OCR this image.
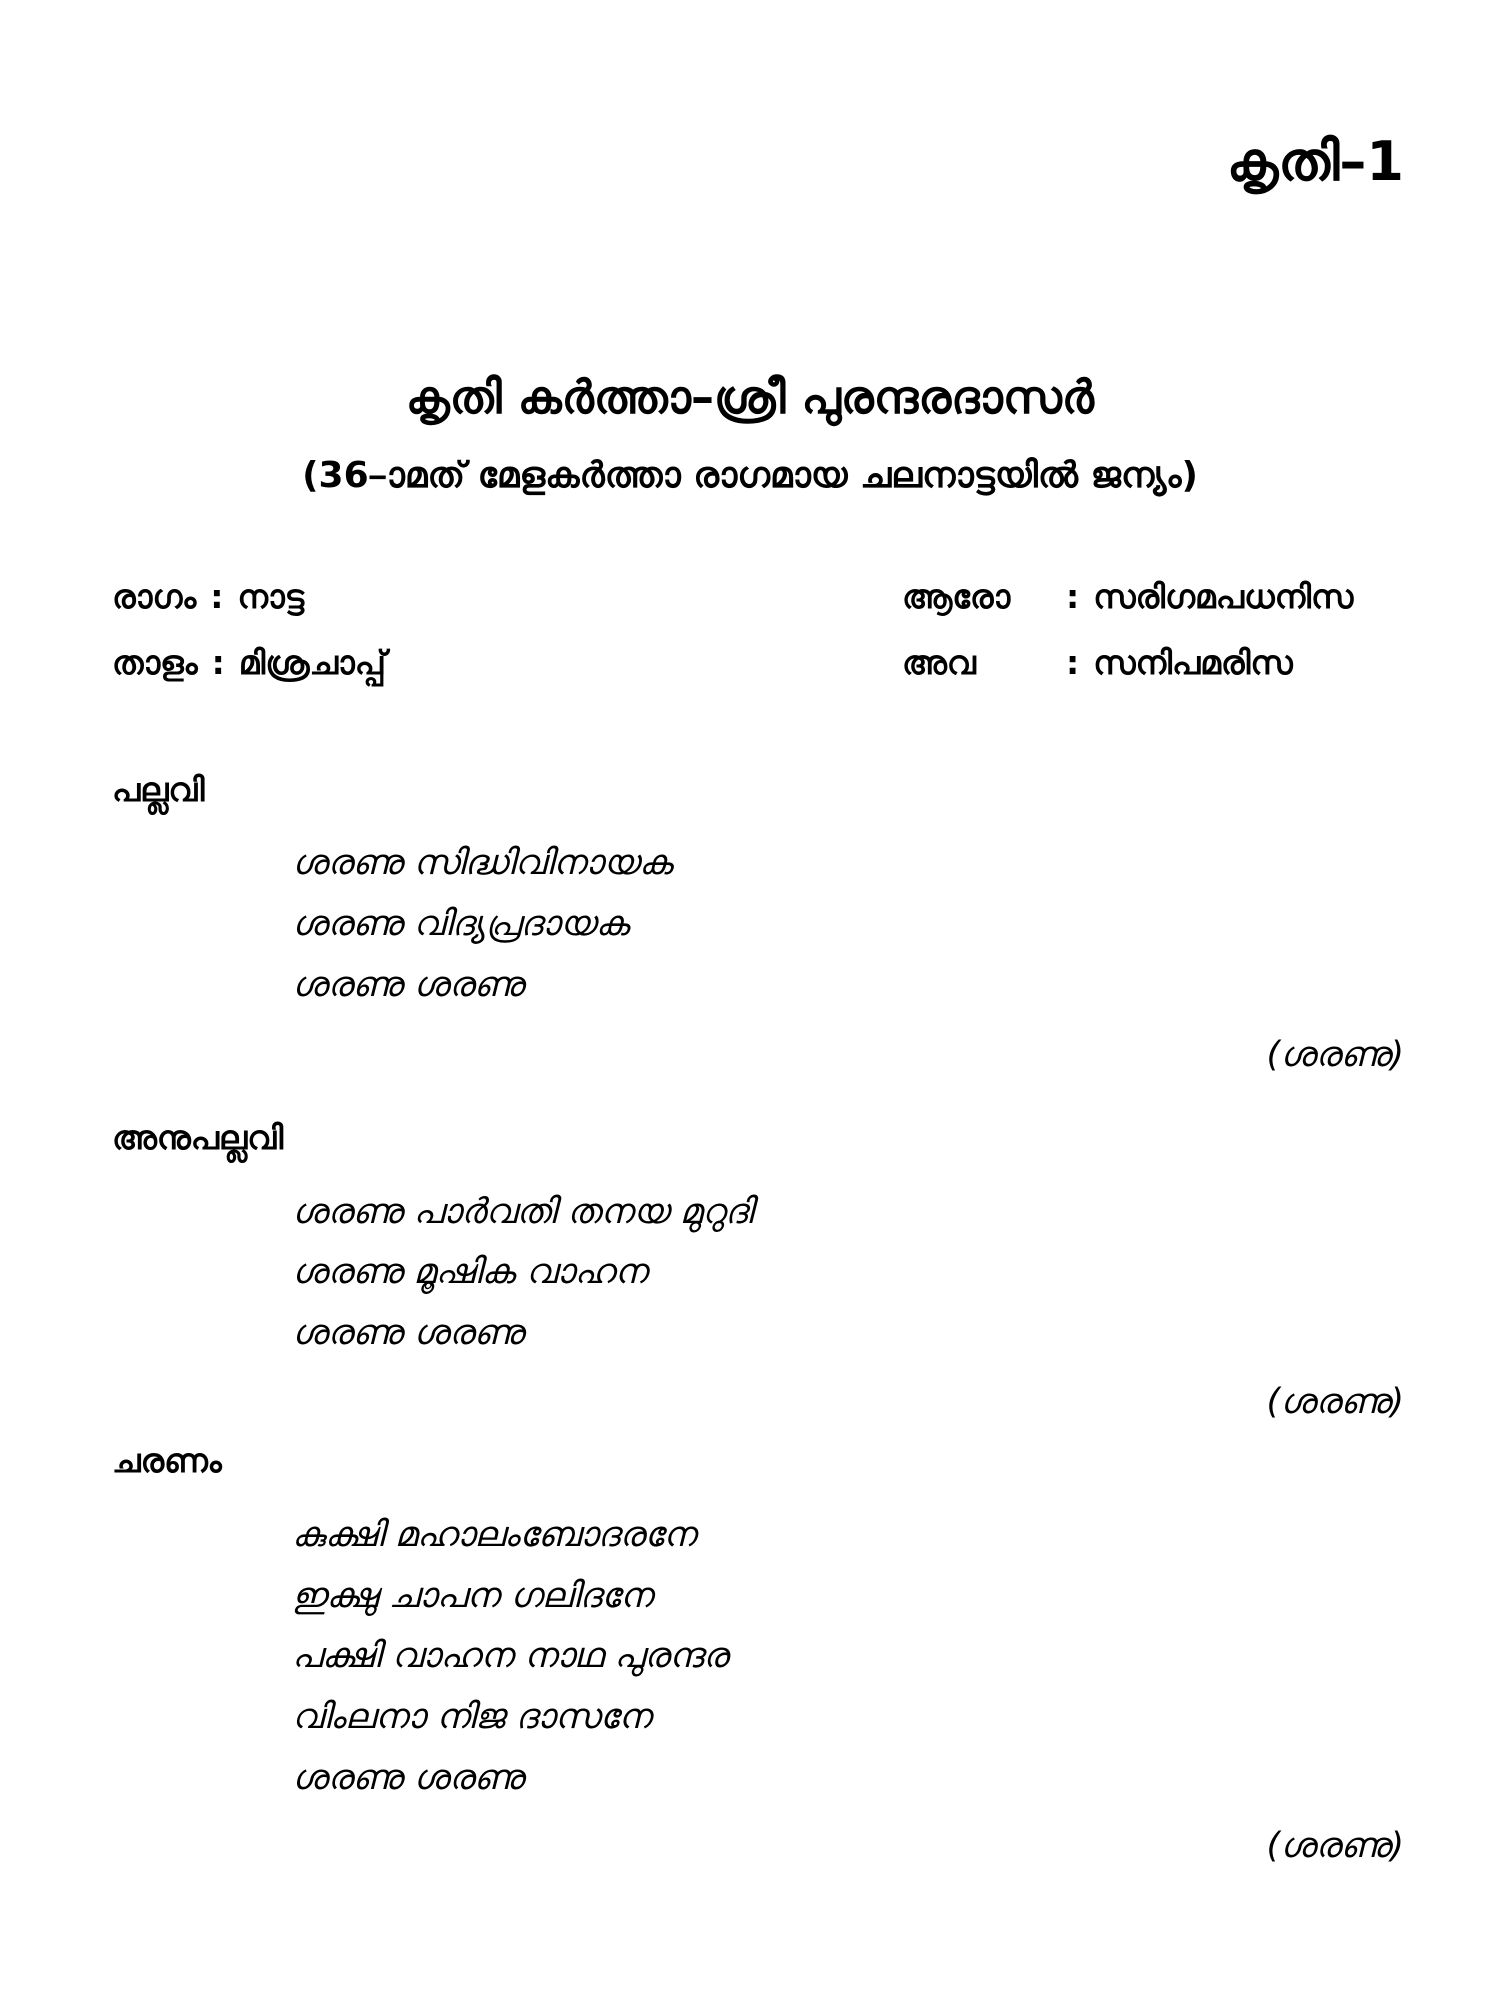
കൃതി–1
കൃതി കർത്താ–ശ്രീ പുരന്ദരദാസർ
(36–ാമത് മേളകർത്താ രാഗമായ ചലനാട്ടയിൽ ജന്യം)
രാഗം : നാട്ട
താളം : മിശ്രചാപ്പ്
ആരോ : സരിഗമപധനിസ
അവ	: സനിപമരിസ
പല്ലവി
ശരണു സിദ്ധിവിനായക
ശരണു വിദ്യപ്രദായക
ശരണു ശരണു
(ശരണു)
അനുപല്ലവി
ശരണു പാർവതി തനയ മുറുദി
ശരണു മൂഷിക വാഹന
ശരണു ശരണു
(ശരണു)
ചരണം
കുക്ഷി മഹാലംബോദരനേ
ഇക്ഷു ചാപന ഗലിദനേ
പക്ഷി വാഹന നാഥ പുരന്ദര
വിംലനാ നിജ ദാസനേ
ശരണു ശരണു
(ശരണു)
